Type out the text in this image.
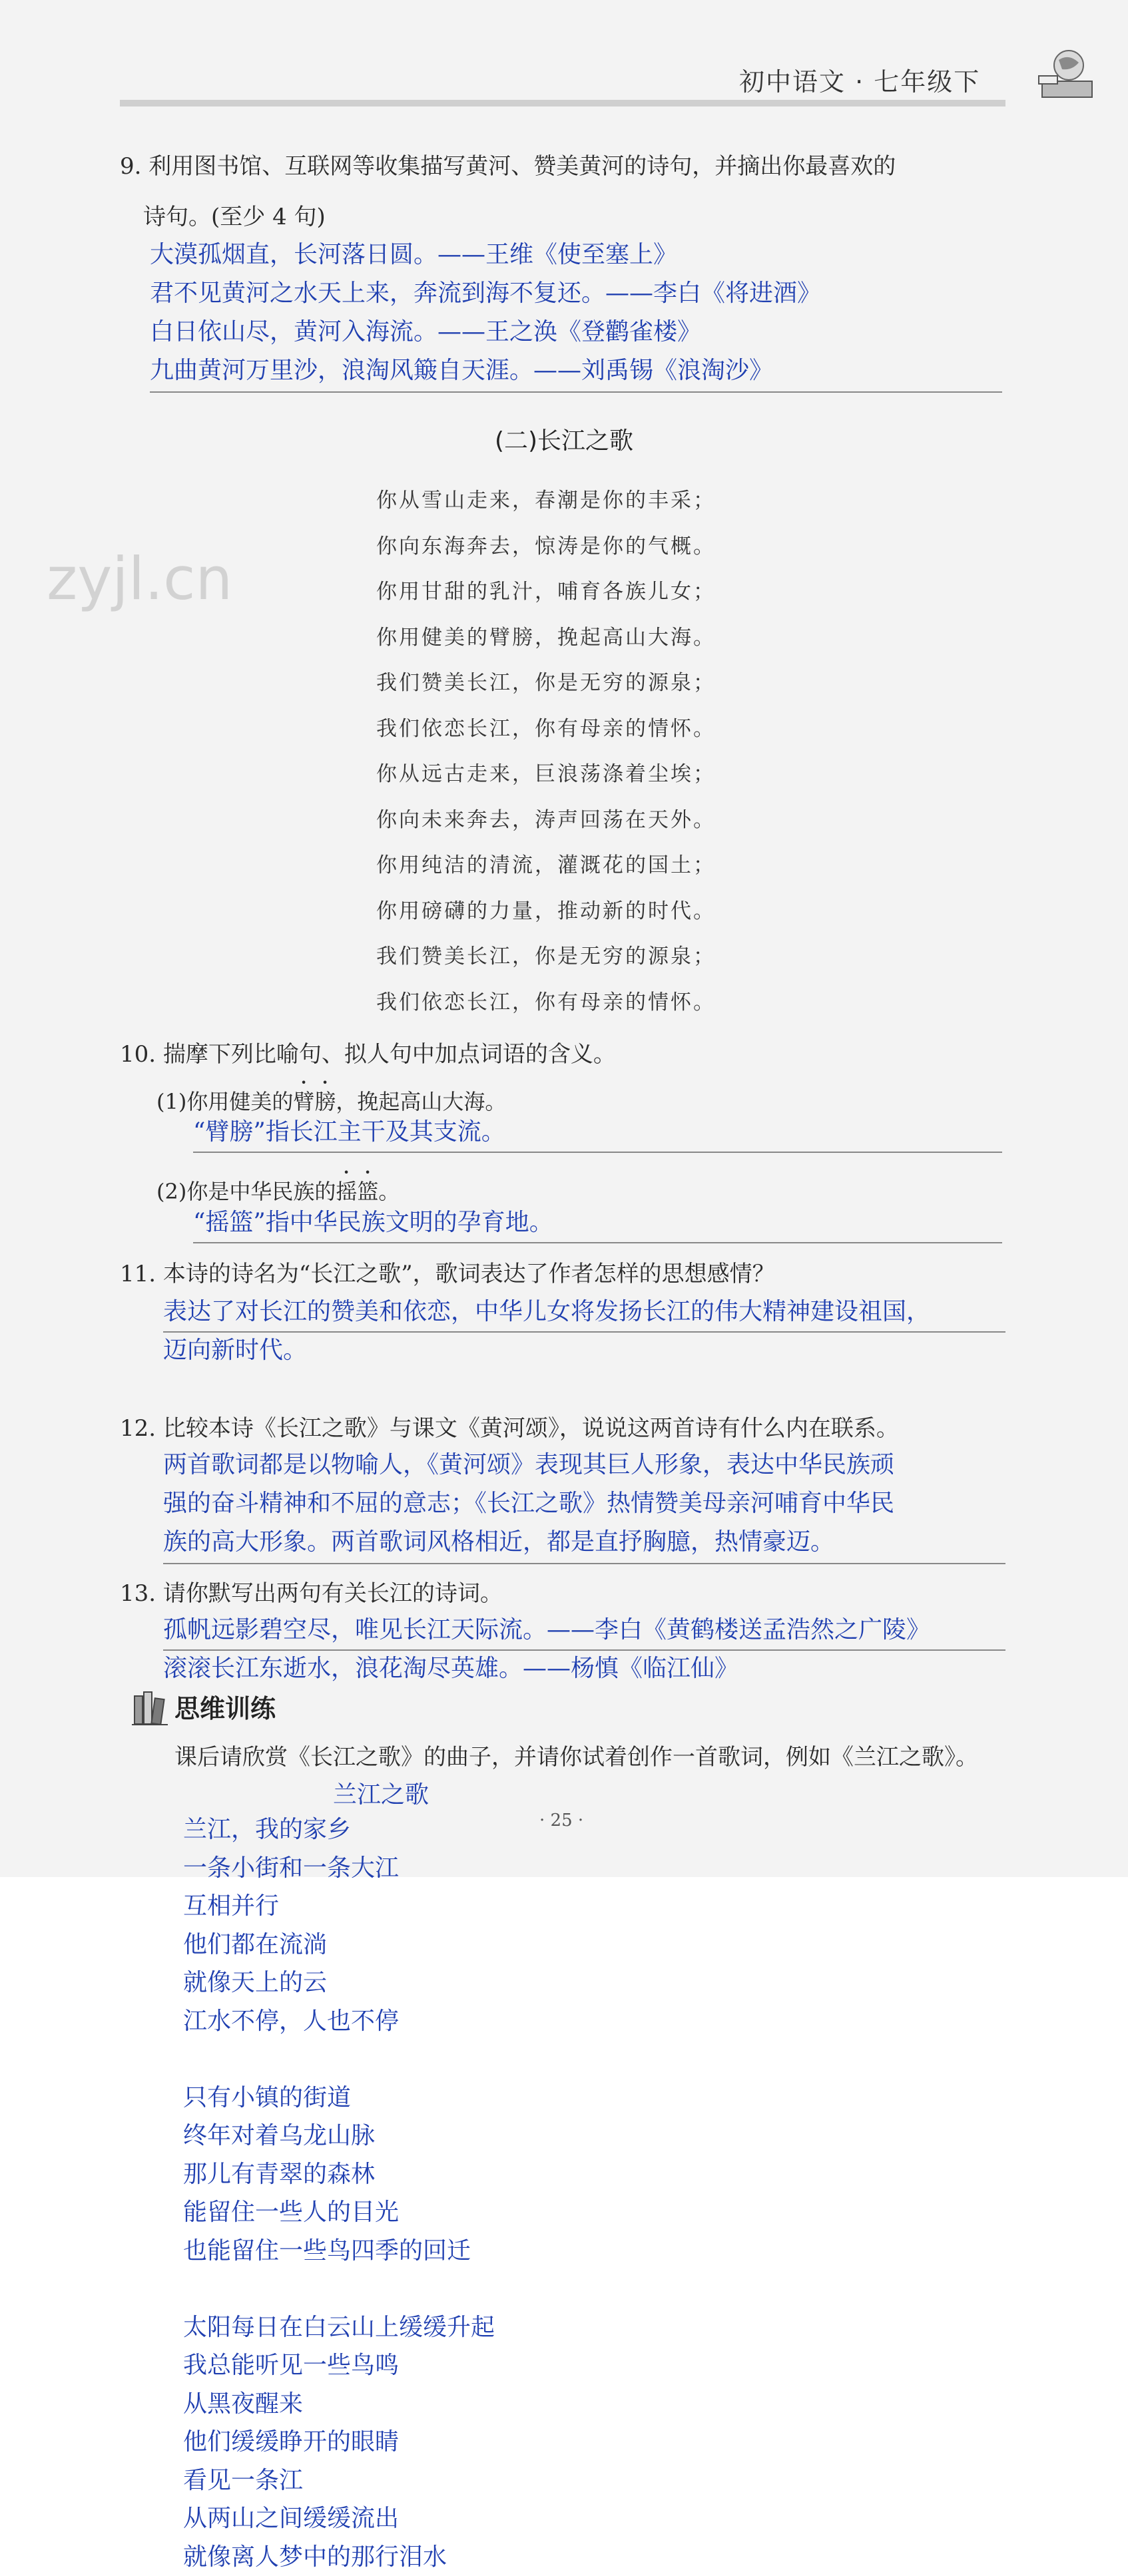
初中语文 · 七年级下
zyjl.cn
9. 利用图书馆、互联网等收集描写黄河、赞美黄河的诗句，并摘出你最喜欢的
诗句。(至少 4 句)
大漠孤烟直，长河落日圆。——王维《使至塞上》
君不见黄河之水天上来，奔流到海不复还。——李白《将进酒》
白日依山尽，黄河入海流。——王之涣《登鹳雀楼》
九曲黄河万里沙，浪淘风簸自天涯。——刘禹锡《浪淘沙》
(二)长江之歌
你从雪山走来，春潮是你的丰采；
你向东海奔去，惊涛是你的气概。
你用甘甜的乳汁，哺育各族儿女；
你用健美的臂膀，挽起高山大海。
我们赞美长江，你是无穷的源泉；
我们依恋长江，你有母亲的情怀。
你从远古走来，巨浪荡涤着尘埃；
你向未来奔去，涛声回荡在天外。
你用纯洁的清流，灌溉花的国土；
你用磅礴的力量，推动新的时代。
我们赞美长江，你是无穷的源泉；
我们依恋长江，你有母亲的情怀。
10. 揣摩下列比喻句、拟人句中加点词语的含义。
(1)你用健美的臂膀，挽起高山大海。
“臂膀”指长江主干及其支流。
(2)你是中华民族的摇篮。
“摇篮”指中华民族文明的孕育地。
11. 本诗的诗名为“长江之歌”，歌词表达了作者怎样的思想感情？
表达了对长江的赞美和依恋，中华儿女将发扬长江的伟大精神建设祖国，
迈向新时代。
12. 比较本诗《长江之歌》与课文《黄河颂》，说说这两首诗有什么内在联系。
两首歌词都是以物喻人，《黄河颂》表现其巨人形象，表达中华民族顽
强的奋斗精神和不屈的意志；《长江之歌》热情赞美母亲河哺育中华民
族的高大形象。两首歌词风格相近，都是直抒胸臆，热情豪迈。
13. 请你默写出两句有关长江的诗词。
孤帆远影碧空尽，唯见长江天际流。——李白《黄鹤楼送孟浩然之广陵》
滚滚长江东逝水，浪花淘尽英雄。——杨慎《临江仙》
思维训练
课后请欣赏《长江之歌》的曲子，并请你试着创作一首歌词，例如《兰江之歌》。
兰江之歌
· 25 ·
兰江，我的家乡
一条小街和一条大江
互相并行
他们都在流淌
就像天上的云
江水不停，人也不停
只有小镇的街道
终年对着乌龙山脉
那儿有青翠的森林
能留住一些人的目光
也能留住一些鸟四季的回迁
太阳每日在白云山上缓缓升起
我总能听见一些鸟鸣
从黑夜醒来
他们缓缓睁开的眼睛
看见一条江
从两山之间缓缓流出
就像离人梦中的那行泪水
